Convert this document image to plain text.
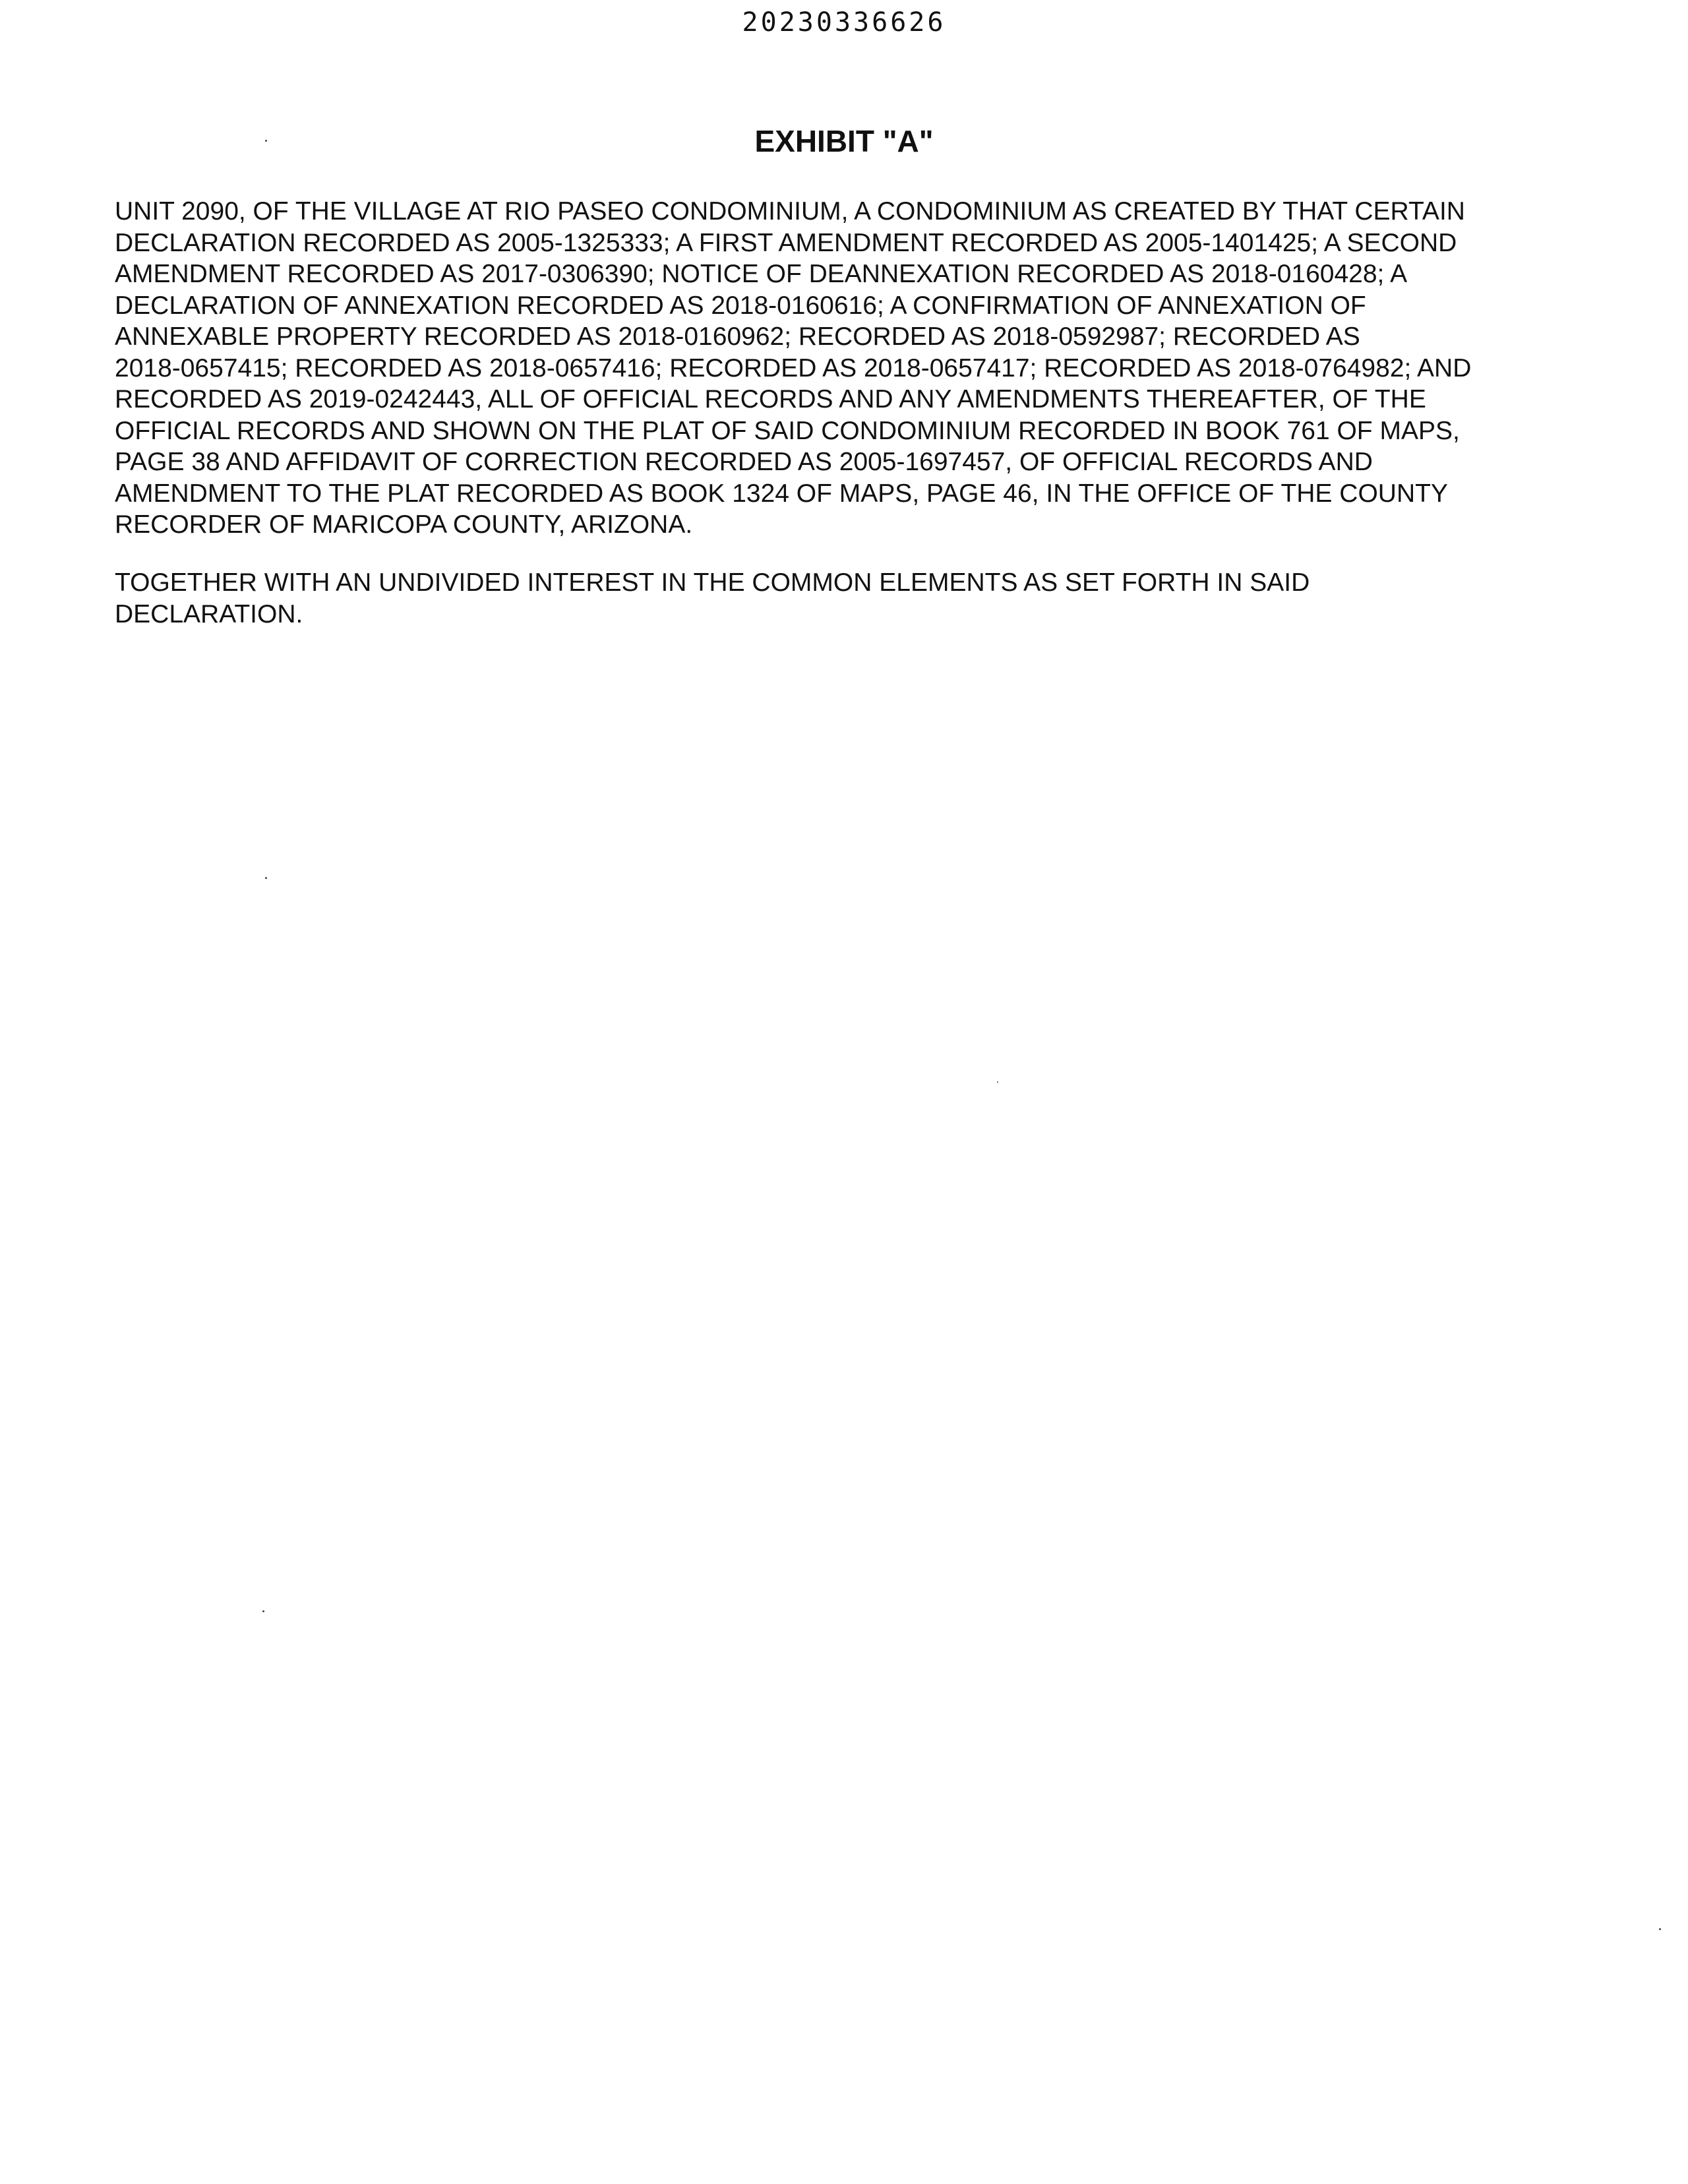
20230336626
EXHIBIT "A"
UNIT 2090, OF THE VILLAGE AT RIO PASEO CONDOMINIUM, A CONDOMINIUM AS CREATED BY THAT CERTAIN
DECLARATION RECORDED AS 2005-1325333; A FIRST AMENDMENT RECORDED AS 2005-1401425; A SECOND
AMENDMENT RECORDED AS 2017-0306390; NOTICE OF DEANNEXATION RECORDED AS 2018-0160428; A
DECLARATION OF ANNEXATION RECORDED AS 2018-0160616; A CONFIRMATION OF ANNEXATION OF
ANNEXABLE PROPERTY RECORDED AS 2018-0160962; RECORDED AS 2018-0592987; RECORDED AS
2018-0657415; RECORDED AS 2018-0657416; RECORDED AS 2018-0657417; RECORDED AS 2018-0764982; AND
RECORDED AS 2019-0242443, ALL OF OFFICIAL RECORDS AND ANY AMENDMENTS THEREAFTER, OF THE
OFFICIAL RECORDS AND SHOWN ON THE PLAT OF SAID CONDOMINIUM RECORDED IN BOOK 761 OF MAPS,
PAGE 38 AND AFFIDAVIT OF CORRECTION RECORDED AS 2005-1697457, OF OFFICIAL RECORDS AND
AMENDMENT TO THE PLAT RECORDED AS BOOK 1324 OF MAPS, PAGE 46, IN THE OFFICE OF THE COUNTY
RECORDER OF MARICOPA COUNTY, ARIZONA.
TOGETHER WITH AN UNDIVIDED INTEREST IN THE COMMON ELEMENTS AS SET FORTH IN SAID
DECLARATION.
